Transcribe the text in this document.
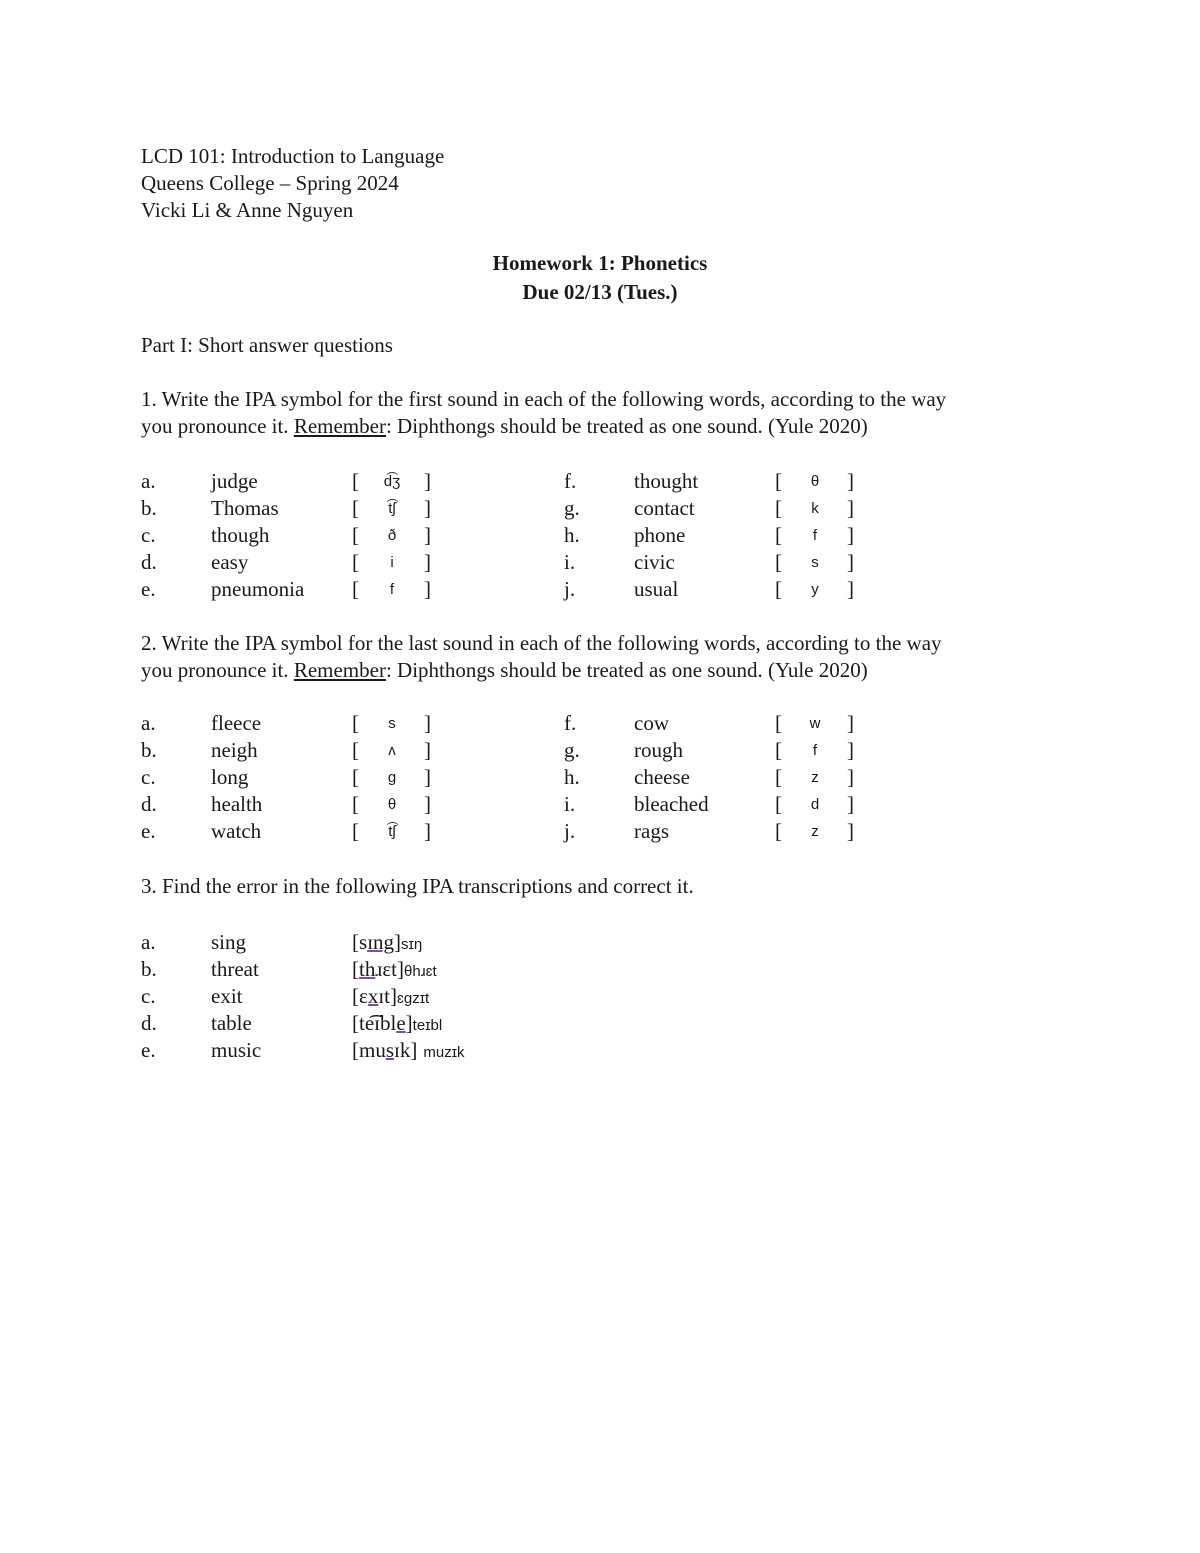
LCD 101: Introduction to Language
Queens College – Spring 2024
Vicki Li & Anne Nguyen
Homework 1: Phonetics
Due 02/13 (Tues.)
Part I: Short answer questions
1. Write the IPA symbol for the first sound in each of the following words, according to the way
you pronounce it. Remember: Diphthongs should be treated as one sound. (Yule 2020)
a.	judge	[	d͡ʒ	]
b.	Thomas	[	t͡ʃ	]
c.	though	[	ð	]
d.	easy	[	i	]
e.	pneumonia [	f	]
f.	thought	[	θ	]
g.	contact	[	k	]
h.	phone	[	f	]
i.	civic	[	s	]
j.	usual	[	y	]
2. Write the IPA symbol for the last sound in each of the following words, according to the way
you pronounce it. Remember: Diphthongs should be treated as one sound. (Yule 2020)
a.	fleece	[	s	]
b.	neigh	[	ʌ	]
c.	long	[	g	]
d.	health	[	θ	]
e.	watch	[	t͡ʃ	]
f.	cow	[	w	]
g.	rough	[	f	]
h.	cheese	[	z	]
i.	bleached	[	d	]
j.	rags	[	z	]
3. Find the error in the following IPA transcriptions and correct it.
a.	sing	[sɪng]sɪŋ
b.	threat	[thɹɛt]θhɹɛt
c.	exit	[ɛxɪt]ɛgzɪt
d.	table	[te͡ɪble]teɪbl
e.	music	[musɪk] muzɪk
